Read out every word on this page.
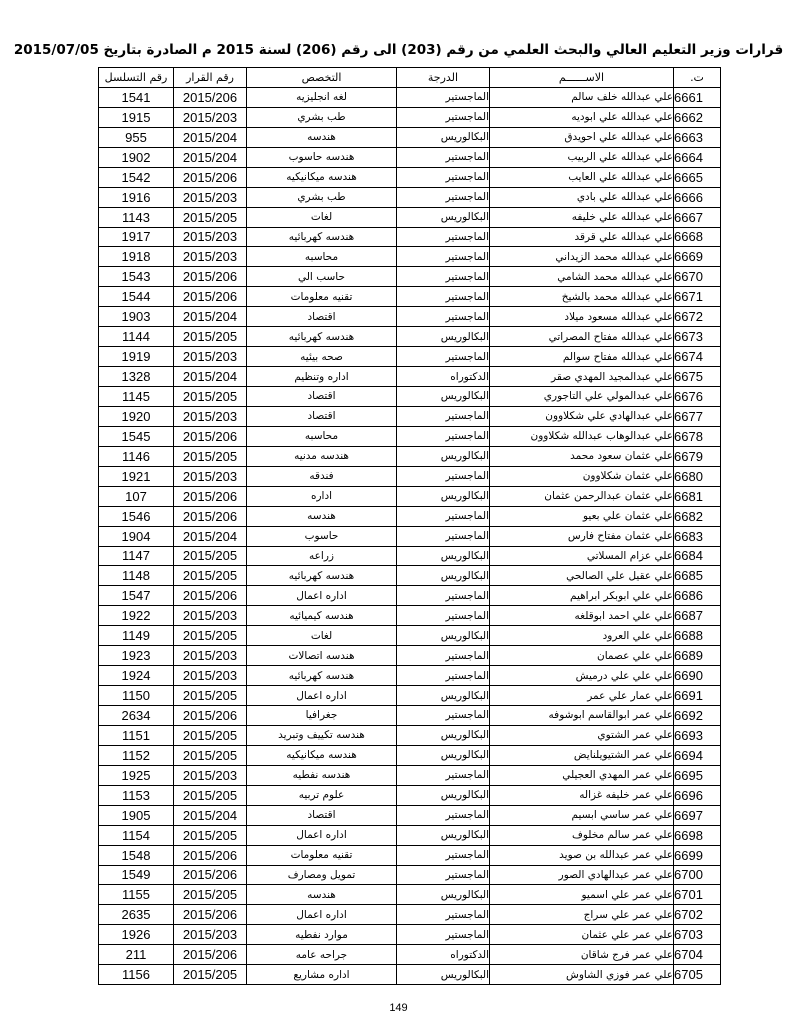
قرارات وزير التعليم العالي والبحث العلمي من رقم (203) الى رقم (206) لسنة 2015 م الصادرة بتاريخ 2015/07/05
رقم التسلسل	رقم القرار	التخصص	الدرجة	الاســــــم	ت.
1541	2015/206	لغه انجليزيه	الماجستير	علي عبدالله خلف سالم	6661
1915	2015/203	طب بشري	الماجستير	علي عبدالله علي ابوديه	6662
955	2015/204	هندسه	البكالوريس	علي عبدالله علي احويدق	6663
1902	2015/204	هندسه حاسوب	الماجستير	علي عبدالله علي الربيب	6664
1542	2015/206	هندسه ميكانيكيه	الماجستير	علي عبدالله علي العايب	6665
1916	2015/203	طب بشري	الماجستير	علي عبدالله علي بادي	6666
1143	2015/205	لغات	البكالوريس	علي عبدالله علي خليفه	6667
1917	2015/203	هندسه كهربائيه	الماجستير	علي عبدالله علي قرقد	6668
1918	2015/203	محاسبه	الماجستير	علي عبدالله محمد الزيداني	6669
1543	2015/206	حاسب الي	الماجستير	علي عبدالله محمد الشامي	6670
1544	2015/206	تقنيه معلومات	الماجستير	علي عبدالله محمد بالشيخ	6671
1903	2015/204	اقتصاد	الماجستير	علي عبدالله مسعود ميلاد	6672
1144	2015/205	هندسه كهربائيه	البكالوريس	علي عبدالله مفتاح المصراتي	6673
1919	2015/203	صحه بيئيه	الماجستير	علي عبدالله مفتاح سوالم	6674
1328	2015/204	اداره وتنظيم	الدكتوراه	علي عبدالمجيد المهدي صقر	6675
1145	2015/205	اقتصاد	البكالوريس	علي عبدالمولي علي التاجوري	6676
1920	2015/203	اقتصاد	الماجستير	علي عبدالهادي علي شكلاوون	6677
1545	2015/206	محاسبه	الماجستير	علي عبدالوهاب عبدالله شكلاوون	6678
1146	2015/205	هندسه مدنيه	البكالوريس	علي عثمان سعود محمد	6679
1921	2015/203	فندقه	الماجستير	علي عثمان شكلاوون	6680
107	2015/206	اداره	البكالوريس	علي عثمان عبدالرحمن عثمان	6681
1546	2015/206	هندسه	الماجستير	علي عثمان علي بعيو	6682
1904	2015/204	حاسوب	الماجستير	علي عثمان مفتاح فارس	6683
1147	2015/205	زراعه	البكالوريس	علي عزام المسلاتي	6684
1148	2015/205	هندسه كهربائيه	البكالوريس	علي عقيل علي الصالحي	6685
1547	2015/206	اداره اعمال	الماجستير	علي علي ابوبكر ابراهيم	6686
1922	2015/203	هندسه كيميائيه	الماجستير	علي علي احمد ابوقلغه	6687
1149	2015/205	لغات	البكالوريس	علي علي العرود	6688
1923	2015/203	هندسه اتصالات	الماجستير	علي علي عصمان	6689
1924	2015/203	هندسه كهربائيه	الماجستير	علي علي علي درميش	6690
1150	2015/205	اداره اعمال	البكالوريس	علي عمار علي عمر	6691
2634	2015/206	جغرافيا	الماجستير	علي عمر ابوالقاسم ابوشوفه	6692
1151	2015/205	هندسه تكييف وتبريد	البكالوريس	علي عمر الشتوي	6693
1152	2015/205	هندسه ميكانيكيه	البكالوريس	علي عمر الشتيويلنايض	6694
1925	2015/203	هندسه نفطيه	الماجستير	علي عمر المهدي العجيلي	6695
1153	2015/205	علوم تربيه	البكالوريس	علي عمر خليفه غزاله	6696
1905	2015/204	اقتصاد	الماجستير	علي عمر ساسي ابسيم	6697
1154	2015/205	اداره اعمال	البكالوريس	علي عمر سالم مخلوف	6698
1548	2015/206	تقنيه معلومات	الماجستير	علي عمر عبدالله بن صويد	6699
1549	2015/206	تمويل ومصارف	الماجستير	علي عمر عبدالهادي الصور	6700
1155	2015/205	هندسه	البكالوريس	علي عمر علي اسميو	6701
2635	2015/206	اداره اعمال	الماجستير	علي عمر علي سراج	6702
1926	2015/203	موارد نفطيه	الماجستير	علي عمر علي عثمان	6703
211	2015/206	جراحه عامه	الدكتوراه	علي عمر فرج شاقان	6704
1156	2015/205	اداره مشاريع	البكالوريس	علي عمر فوزي الشاوش	6705
149
